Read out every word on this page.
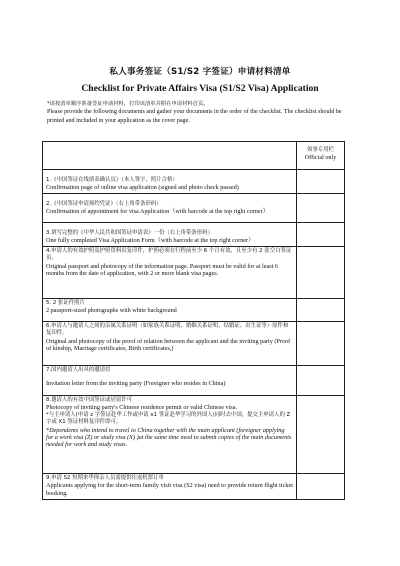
私人事务签证（S1/S2 字签证）申请材料清单
Checklist for Private Affairs Visa (S1/S2 Visa) Application
*请按清单顺序准备签证申请材料，打印该清单并附在申请材料首页。
Please provide the following documents and gather your documents in the order of the checklist. The checklist should be printed and included in your application as the cover page.

	领事专用栏
Official only

1.《中国签证在线填表确认页》（本人签字，照片合格）
Confirmation page of online visa application (signed and photo check passed)	

2.《中国签证申请预约凭证》（右上角带条形码）
Confirmation of appointment for visa Application（with barcode at the top right corner）	

3.填写完整的《中华人民共和国签证申请表》一份（右上角带条形码）
One fully completed Visa Application Form（with barcode at the top right corner）	

4.申请人的有效护照及护照资料页复印件，护照必须在行程前至少 6 个月有效，且至少有 2 张空白签证页。
Original passport and photocopy of the information page. Passport must be valid for at least 6 months from the date of application, with 2 or more blank visa pages.	

5. 2 张证件照片
2 passport-sized photographs with white background	

6.申请人与邀请人之间的亲属关系证明（如家族关系证明、婚姻关系证明、结婚证、出生证等）原件和复印件。
Original and photocopy of the proof of relation between the applicant and the inviting party (Proof of kinship, Marriage certificates, Birth certificates,)	

7.国内邀请人出具的邀请信
Invitation letter from the inviting party (Foreigner who resides in China)	

8.邀请人的有效中国签证或居留许可
Photocopy of inviting party's Chinese residence permit or valid Chinese visa.
*与主申请人(申请 z 字签证赴华工作或申请 x1 签证赴华学习的外国人)同时去中国，提交主申请人的 Z 字或 X1 签证材料复印件即可。
*Dependents who intend to travel to China together with the main applicant (foreigner applying for a work visa (Z) or study visa (X) )at the same time need to submit copies of the main documents needed for work and study visas.	

9.申请 S2 短期来华探亲人员需提供往返机票订单
Applicants applying for the short-term family visit visa (S2 visa) need to provide return flight ticket booking.	
